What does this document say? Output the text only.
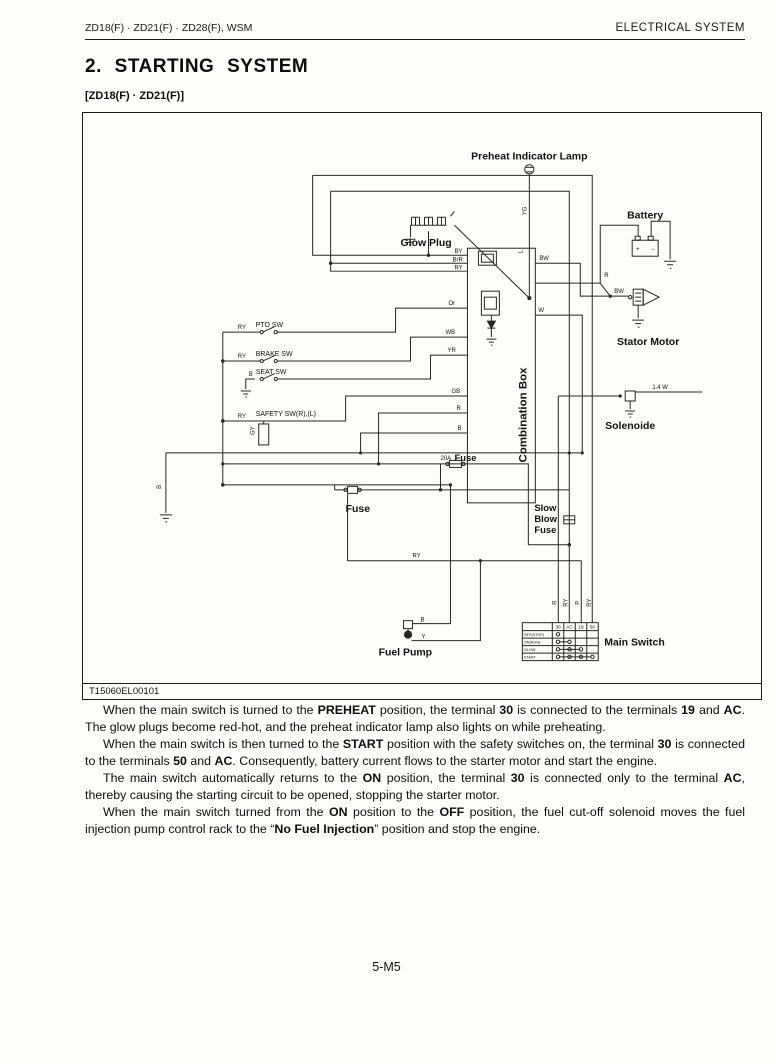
ZD18(F) · ZD21(F) · ZD28(F), WSM	ELECTRICAL SYSTEM
2. STARTING SYSTEM
[ZD18(F) · ZD21(F)]
+ −
30 AC 19 50
OFF(STOP)
ON(RUN)
GLOW
START
Preheat Indicator Lamp
Glow Plug
Battery
Stator Motor
Solenoide
Fuse
20A Fuse
Slow
Blow
Fuse
Fuel Pump
Main Switch
Combination Box	1.4 W
PTO SW
BRAKE SW
SEAT SW
SAFETY SW(R),(L)
RY
RY
B
RY
GY
BY
BrR
RY
Or
WB
YR
GB
R
B
BW
W
R
BW
YG
L
B
B
Y
RY
R RY P RY
T15060EL00101

When the main switch is turned to the PREHEAT position, the terminal 30 is connected to the terminals 19 and AC. The glow plugs become red-hot, and the preheat indicator lamp also lights on while preheating.

When the main switch is then turned to the START position with the safety switches on, the terminal 30 is connected to the terminals 50 and AC. Consequently, battery current flows to the starter motor and start the engine.

The main switch automatically returns to the ON position, the terminal 30 is connected only to the terminal AC, thereby causing the starting circuit to be opened, stopping the starter motor.

When the main switch turned from the ON position to the OFF position, the fuel cut-off solenoid moves the fuel injection pump control rack to the “No Fuel Injection” position and stop the engine.

5-M5
